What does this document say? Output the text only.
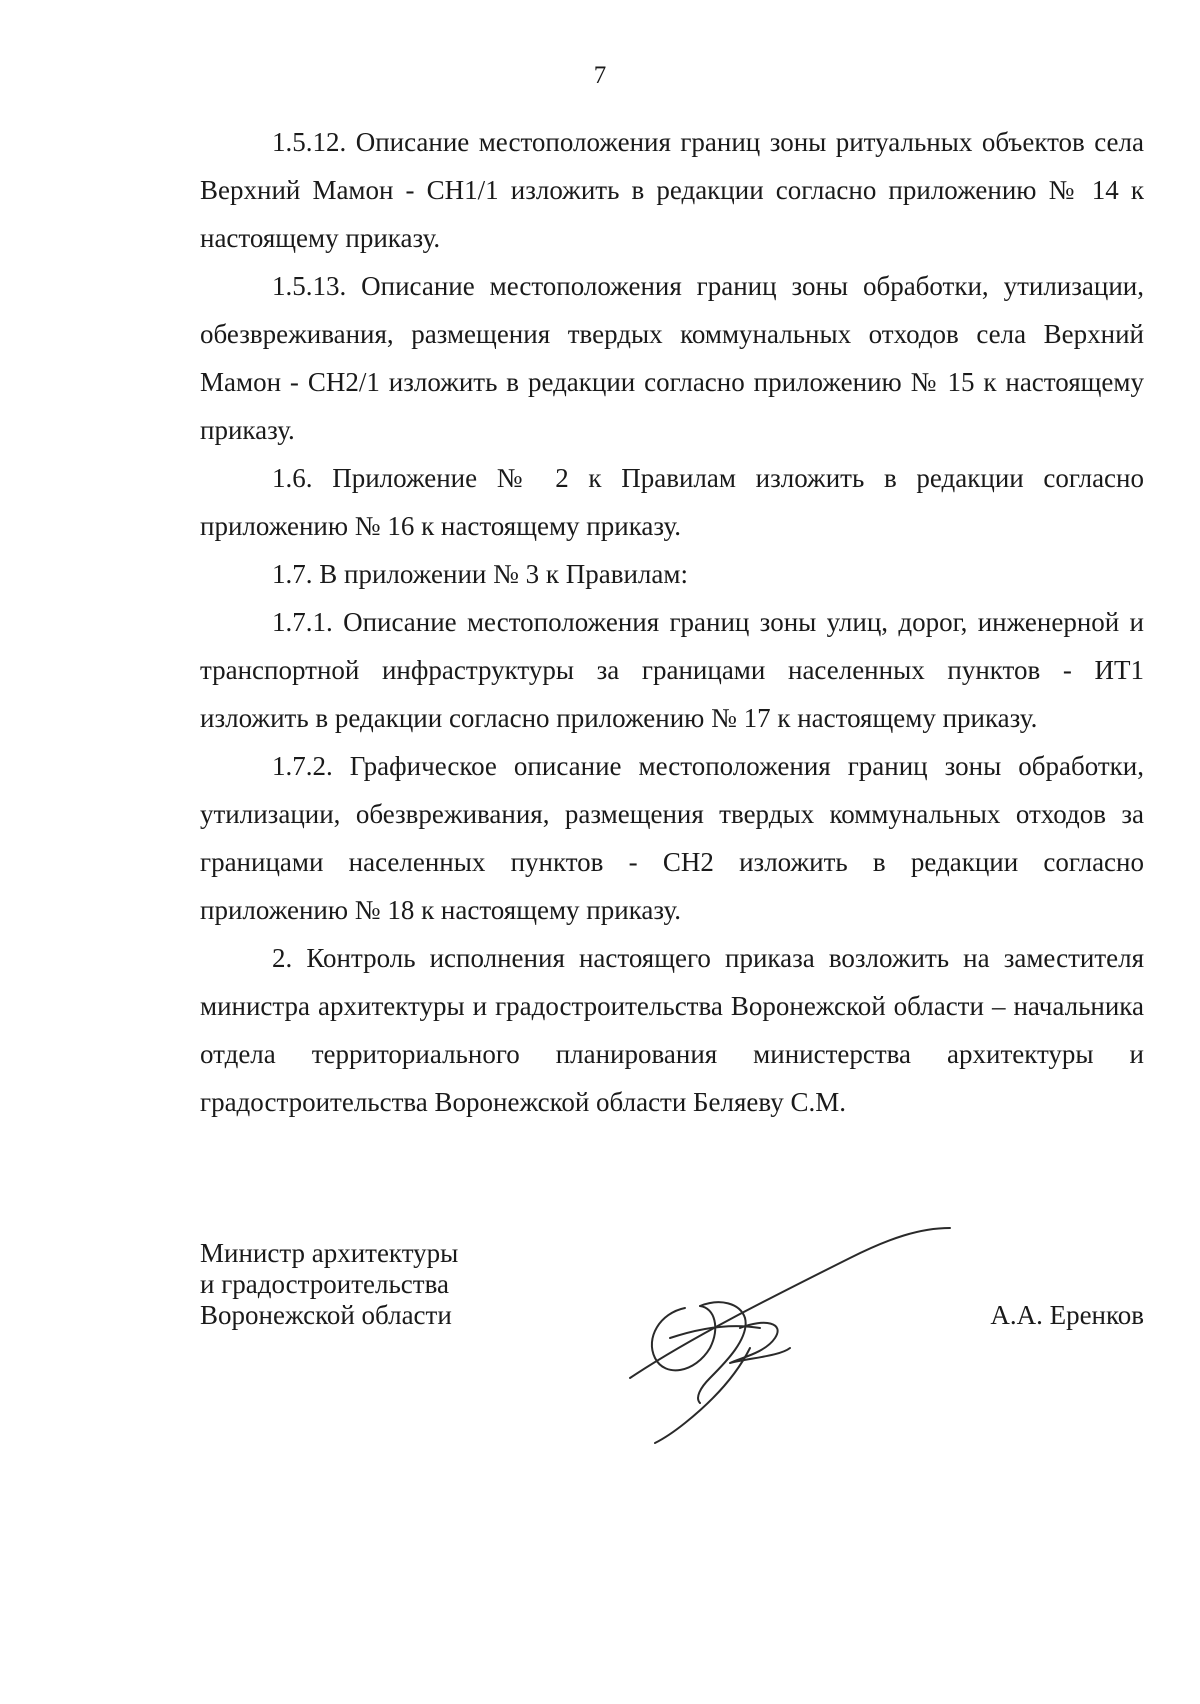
7

1.5.12. Описание местоположения границ зоны ритуальных объектов села Верхний Мамон - СН1/1 изложить в редакции согласно приложению № 14 к настоящему приказу.

1.5.13. Описание местоположения границ зоны обработки, утилизации, обезвреживания, размещения твердых коммунальных отходов села Верхний Мамон - СН2/1 изложить в редакции согласно приложению № 15 к настоящему приказу.

1.6. Приложение № 2 к Правилам изложить в редакции согласно приложению № 16 к настоящему приказу.

1.7. В приложении № 3 к Правилам:

1.7.1. Описание местоположения границ зоны улиц, дорог, инженерной и транспортной инфраструктуры за границами населенных пунктов - ИТ1 изложить в редакции согласно приложению № 17 к настоящему приказу.

1.7.2. Графическое описание местоположения границ зоны обработки, утилизации, обезвреживания, размещения твердых коммунальных отходов за границами населенных пунктов - СН2 изложить в редакции согласно приложению № 18 к настоящему приказу.

2. Контроль исполнения настоящего приказа возложить на заместителя министра архитектуры и градостроительства Воронежской области – начальника отдела территориального планирования министерства архитектуры и градостроительства Воронежской области Беляеву С.М.

Министр архитектуры
и градостроительства
Воронежской области	А.А. Еренков
